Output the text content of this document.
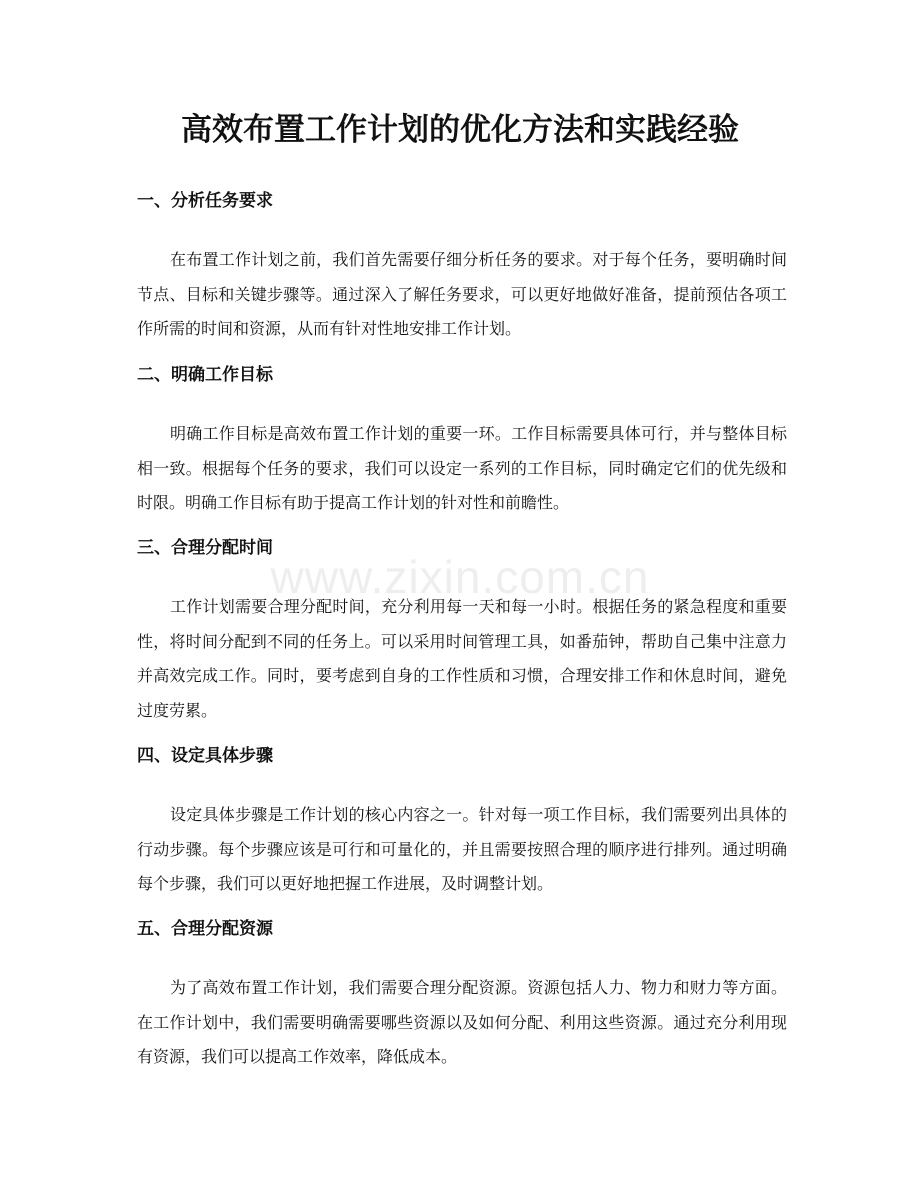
高效布置工作计划的优化方法和实践经验
www.zixin.com.cn
一、分析任务要求

在布置工作计划之前，我们首先需要仔细分析任务的要求。对于每个任务，要明确时间节点、目标和关键步骤等。通过深入了解任务要求，可以更好地做好准备，提前预估各项工作所需的时间和资源，从而有针对性地安排工作计划。

二、明确工作目标

明确工作目标是高效布置工作计划的重要一环。工作目标需要具体可行，并与整体目标相一致。根据每个任务的要求，我们可以设定一系列的工作目标，同时确定它们的优先级和时限。明确工作目标有助于提高工作计划的针对性和前瞻性。

三、合理分配时间

工作计划需要合理分配时间，充分利用每一天和每一小时。根据任务的紧急程度和重要性，将时间分配到不同的任务上。可以采用时间管理工具，如番茄钟，帮助自己集中注意力并高效完成工作。同时，要考虑到自身的工作性质和习惯，合理安排工作和休息时间，避免过度劳累。

四、设定具体步骤

设定具体步骤是工作计划的核心内容之一。针对每一项工作目标，我们需要列出具体的行动步骤。每个步骤应该是可行和可量化的，并且需要按照合理的顺序进行排列。通过明确每个步骤，我们可以更好地把握工作进展，及时调整计划。

五、合理分配资源

为了高效布置工作计划，我们需要合理分配资源。资源包括人力、物力和财力等方面。在工作计划中，我们需要明确需要哪些资源以及如何分配、利用这些资源。通过充分利用现有资源，我们可以提高工作效率，降低成本。
